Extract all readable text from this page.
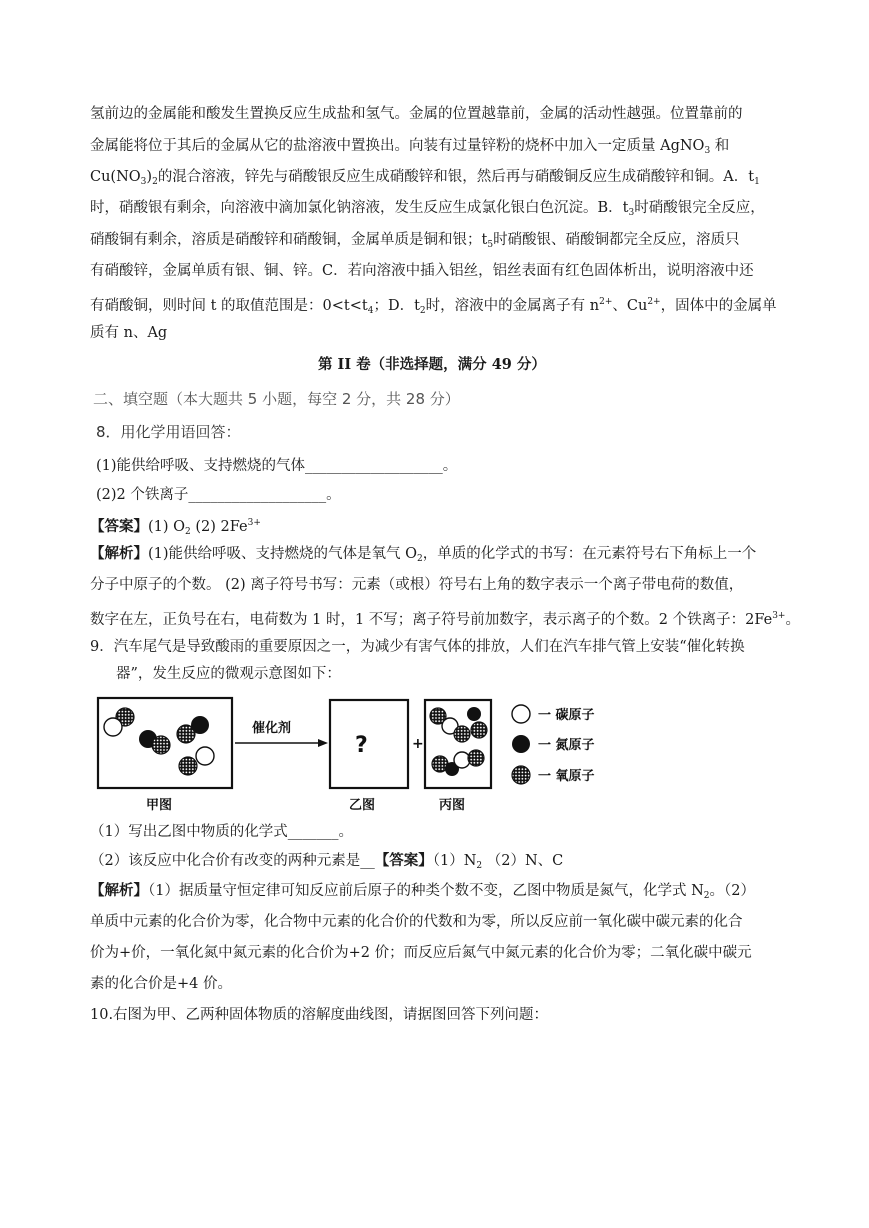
氢前边的金属能和酸发生置换反应生成盐和氢气。金属的位置越靠前，金属的活动性越强。位置靠前的
金属能将位于其后的金属从它的盐溶液中置换出。向装有过量锌粉的烧杯中加入一定质量 AgNO$_3$ 和
$Cu(NO_3)_2$的混合溶液，锌先与硝酸银反应生成硝酸锌和银，然后再与硝酸铜反应生成硝酸锌和铜。A．$t_1$
时，硝酸银有剩余，向溶液中滴加氯化钠溶液，发生反应生成氯化银白色沉淀。B．$t_3$时硝酸银完全反应，
硝酸铜有剩余，溶质是硝酸锌和硝酸铜，金属单质是铜和银；$t_5$时硝酸银、硝酸铜都完全反应，溶质只
有硝酸锌，金属单质有银、铜、锌。C．若向溶液中插入铝丝，铝丝表面有红色固体析出，说明溶液中还
有硝酸铜，则时间 t 的取值范围是：$0<t<t_4$；D．$t_2$时，溶液中的金属离子有 $n^{2+}$、$Cu^{2+}$，固体中的金属单
质有 n、Ag
第 II 卷（非选择题，满分 49 分）
二、填空题（本大题共 5 小题，每空 2 分，共 28 分）
8．用化学用语回答：
(1)能供给呼吸、支持燃烧的气体___________________。
(2)2 个铁离子___________________。
【答案】(1) $O_2$ (2) $2Fe^{3+}$
【解析】(1)能供给呼吸、支持燃烧的气体是氧气 $O_2$，单质的化学式的书写：在元素符号右下角标上一个
分子中原子的个数。 (2) 离子符号书写：元素（或根）符号右上角的数字表示一个离子带电荷的数值，
数字在左，正负号在右，电荷数为 1 时，1 不写；离子符号前加数字，表示离子的个数。2 个铁离子：$2Fe^{3+}$。
9．汽车尾气是导致酸雨的重要原因之一，为减少有害气体的排放，人们在汽车排气管上安装“催化转换
器”，发生反应的微观示意图如下：
催化剂
?	+
甲图	乙图	丙图
一 碳原子
一 氮原子
一 氧原子
（1）写出乙图中物质的化学式_______。
（2）该反应中化合价有改变的两种元素是__【答案】$(1)N_2$ （2）N、C
【解析】（1）据质量守恒定律可知反应前后原子的种类个数不变，乙图中物质是氮气，化学式 $N_2$。（2）
单质中元素的化合价为零，化合物中元素的化合价的代数和为零，所以反应前一氧化碳中碳元素的化合
价为+价，一氧化氮中氮元素的化合价为+2 价；而反应后氮气中氮元素的化合价为零；二氧化碳中碳元
素的化合价是+4 价。
10.右图为甲、乙两种固体物质的溶解度曲线图，请据图回答下列问题：
